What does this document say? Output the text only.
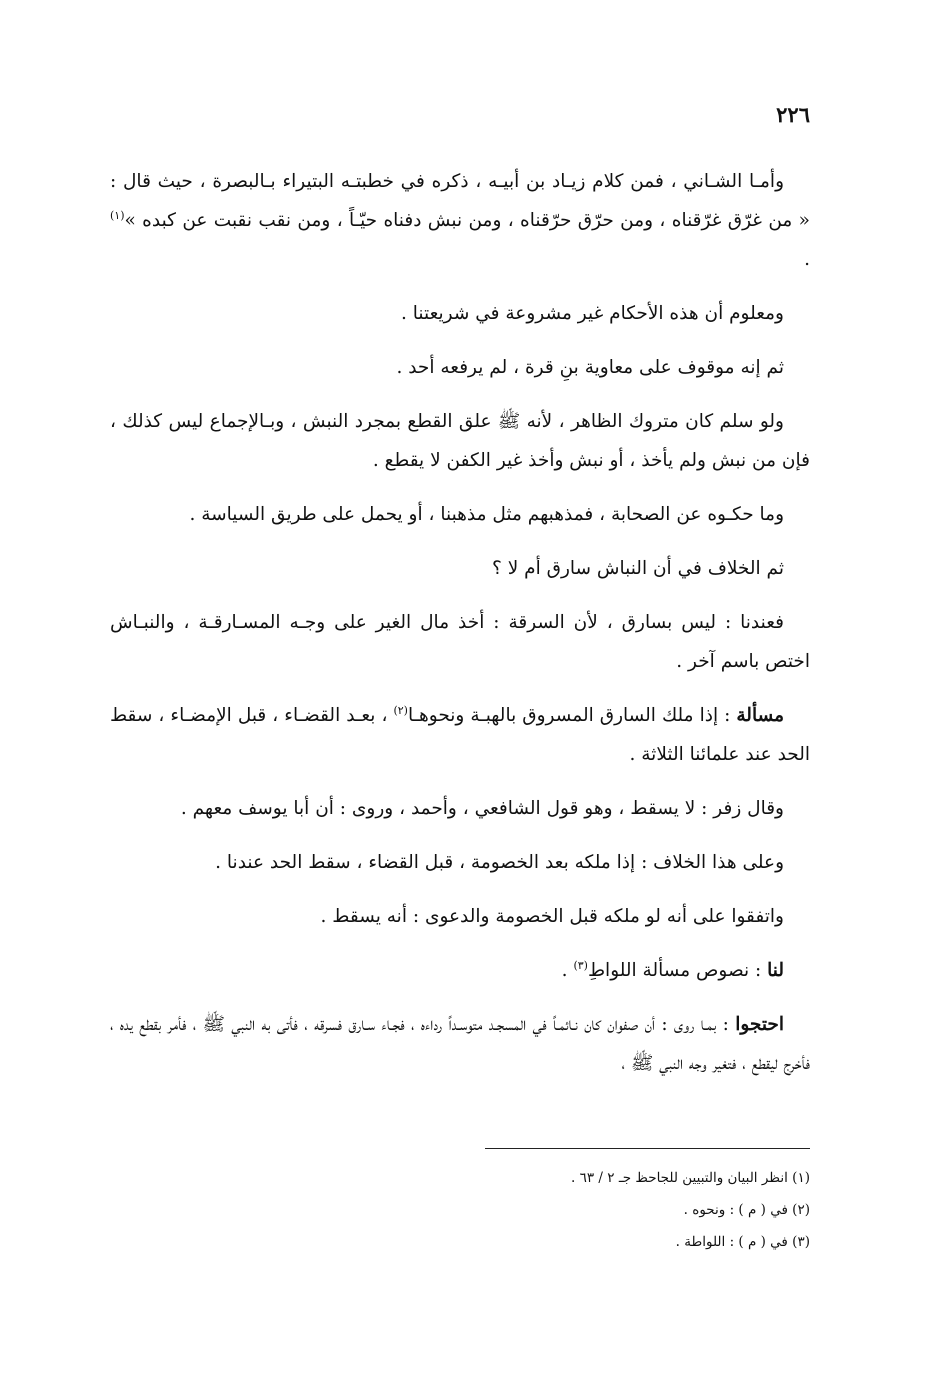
٢٢٦

وأمـا الشـاني ، فمن كلام زيـاد بن أبيـه ، ذكره في خطبتـه البتيراء بـالبصرة ، حيث قال : « من غرّق غرّقناه ، ومن حرّق حرّقناه ، ومن نبش دفناه حيّـاً ، ومن نقب نقبت عن كبده »$^{(١)}$ .

ومعلوم أن هذه الأحكام غير مشروعة في شريعتنا .

ثم إنه موقوف على معاوية بنِ قرة ، لم يرفعه أحد .

ولو سلم كان متروك الظاهر ، لأنه ﷺ علق القطع بمجرد النبش ، وبـالإجماع ليس كذلك ، فإن من نبش ولم يأخذ ، أو نبش وأخذ غير الكفن لا يقطع .

وما حكـوه عن الصحابة ، فمذهبهم مثل مذهبنا ، أو يحمل على طريق السياسة .

ثم الخلاف في أن النباش سارق أم لا ؟

فعندنا : ليس بسارق ، لأن السرقة : أخذ مال الغير على وجـه المسـارقـة ، والنبـاش اختص باسم آخر .

مسألة : إذا ملك السارق المسروق بالهبـة ونحوهـا$^{(٢)}$ ، بعـد القضـاء ، قبل الإمضـاء ، سقط الحد عند علمائنا الثلاثة .

وقال زفر : لا يسقط ، وهو قول الشافعي ، وأحمد ، وروى : أن أبا يوسف معهم .

وعلى هذا الخلاف : إذا ملكه بعد الخصومة ، قبل القضاء ، سقط الحد عندنا .

واتفقوا على أنه لو ملكه قبل الخصومة والدعوى : أنه يسقط .

لنا : نصوص مسألة اللواطِ$^{(٣)}$ .

احتجوا : بمـا روى : أن صفوان كان نـائمـاً في المسجـد متوسـداً رداءه ، فجـاء سـارق فسرقه ، فأتى به النبي ﷺ ، فأمر بقطع يده ، فأخرج ليقطع ، فتغير وجه النبي ﷺ ،

(١) انظر البيان والتبيين للجاحظ جـ ٢ / ٦٣ .

(٢) في ( م ) : ونحوه .

(٣) في ( م ) : اللواطة .
